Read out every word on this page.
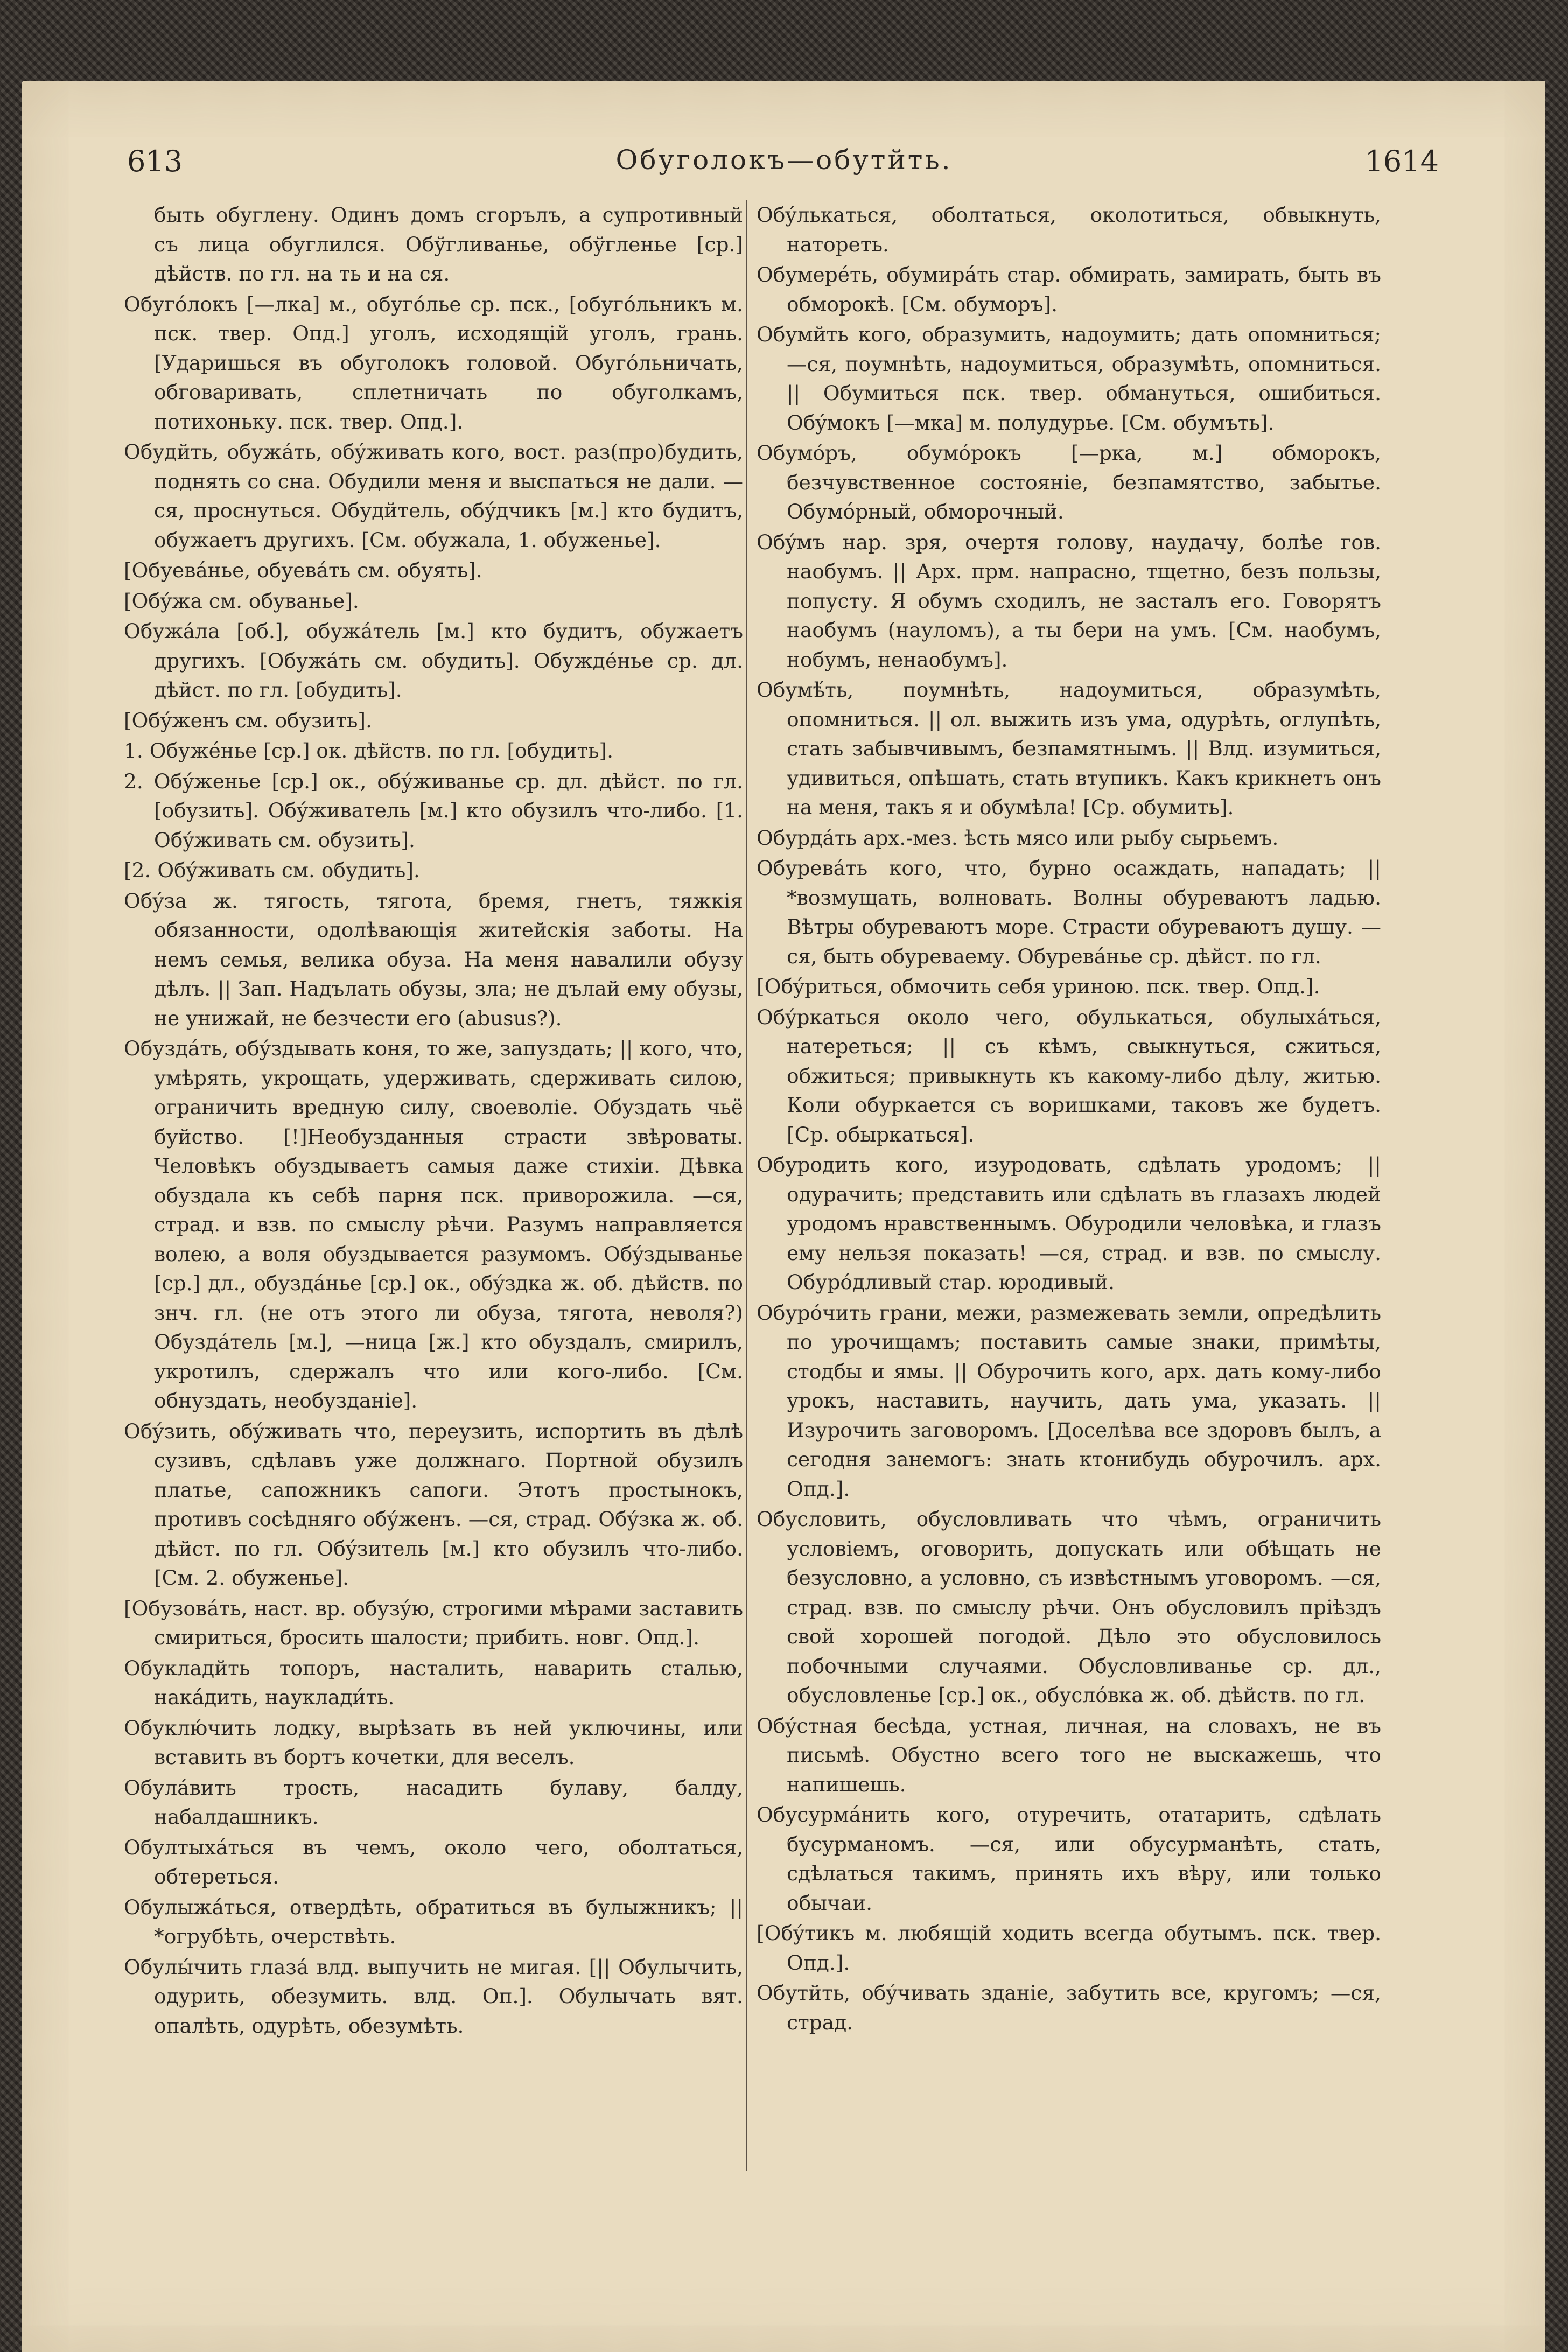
613	Обугoлокъ—обутйть.	1614

быть обуглену. Одинъ домъ сгорълъ, а супротивный съ лица обуглился. Обўгливанье, обўгленье [ср.] дѣйств. по гл. на ть и на ся.

Обугóлокъ [—лка] м., обугóлье ср. пск., [обугóльникъ м. пск. твер. Опд.] уголъ, исходящій уголъ, грань. [Ударишься въ обуголокъ головой. Обугóльничать, обговаривать, сплетничать по обуголкамъ, потихоньку. пск. твер. Опд.].

Обудйть, обужáть, обýживать кого, вост. раз(про)будить, поднять со сна. Обудили меня и выспаться не дали. —ся, проснуться. Обудйтель, обýдчикъ [м.] кто будитъ, обужаетъ другихъ. [См. обужала, 1. обуженье].

[Обуевáнье, обуевáть см. обуять].

[Обýжа см. обуванье].

Обужáла [об.], обужáтель [м.] кто будитъ, обужаетъ другихъ. [Обужáть см. обудить]. Обуждéнье ср. дл. дѣйст. по гл. [обудить].

[Обýженъ см. обузить].

1. Обужéнье [ср.] ок. дѣйств. по гл. [обудить].

2. Обýженье [ср.] ок., обýживанье ср. дл. дѣйст. по гл. [обузить]. Обýживатель [м.] кто обузилъ что-либо. [1. Обýживать см. обузить].

[2. Обýживать см. обудить].

Обýза ж. тягость, тягота, бремя, гнетъ, тяжкія обязанности, одолѣвающія житейскія заботы. На немъ семья, велика обуза. На меня навалили обузу дѣлъ. || Зап. Надълать обузы, зла; не дълай ему обузы, не унижай, не безчести его (abusus?).

Обуздáть, обýздывать коня, то же, запуздать; || кого, что, умѣрять, укрощать, удерживать, сдерживать силою, ограничить вредную силу, своеволіе. Обуздать чьё буйство. [!]Необузданныя страсти звѣроваты. Человѣкъ обуздываетъ самыя даже стихіи. Дѣвка обуздала къ себѣ парня пск. приворожила. —ся, страд. и взв. по смыслу рѣчи. Разумъ направляется волею, а воля обуздывается разумомъ. Обýздыванье [ср.] дл., обуздáнье [ср.] ок., обýздка ж. об. дѣйств. по знч. гл. (не отъ этого ли обуза, тягота, неволя?) Обуздáтель [м.], —ница [ж.] кто обуздалъ, смирилъ, укротилъ, сдержалъ что или кого-либо. [См. обнуздать, необузданіе].

Обýзить, обýживать что, переузить, испортить въ дѣлѣ сузивъ, сдѣлавъ уже должнаго. Портной обузилъ платье, сапожникъ сапоги. Этотъ простынокъ, противъ сосѣдняго обýженъ. —ся, страд. Обýзка ж. об. дѣйст. по гл. Обýзитель [м.] кто обузилъ что-либо. [См. 2. обуженье].

[Обузовáть, наст. вр. обузýю, строгими мѣрами заставить смириться, бросить шалости; прибить. новг. Опд.].

Обукладйть топоръ, насталить, наварить сталью, нака́дить, науклади́ть.

Обуклю́чить лодку, вырѣзать въ ней уключины, или вставить въ бортъ кочетки, для веселъ.

Обулáвить трость, насадить булаву, балду, набалдашникъ.

Обултыхáться въ чемъ, около чего, оболтаться, обтереться.

Обулыжáться, отвердѣть, обратиться въ булыжникъ; || *огрубѣть, очерствѣть.

Обулы́чить глазá влд. выпучить не мигая. [|| Обулычить, одурить, обезумить. влд. Оп.]. Обулычать вят. опалѣть, одурѣть, обезумѣть.

Обýлькаться, оболтаться, околотиться, обвыкнуть, натореть.

Обумерéть, обумирáть стар. обмирать, замирать, быть въ обморокѣ. [См. обуморъ].

Обумйть кого, образумить, надоумить; дать опомниться; —ся, поумнѣть, надоумиться, образумѣть, опомниться. || Обумиться пск. твер. обмануться, ошибиться. Обýмокъ [—мка] м. полудурье. [См. обумъть].

Обумóръ, обумóрокъ [—рка, м.] обморокъ, безчувственное состояніе, безпамятство, забытье. Обумóрный, обморочный.

Обýмъ нар. зря, очертя голову, наудачу, болѣе гов. наобумъ. || Арх. прм. напрасно, тщетно, безъ пользы, попусту. Я обумъ сходилъ, не засталъ его. Говорятъ наобумъ (науломъ), а ты бери на умъ. [См. наобумъ, нобумъ, ненаобумъ].

Обумѣ́ть, поумнѣть, надоумиться, образумѣть, опомниться. || ол. выжить изъ ума, одурѣть, оглупѣть, стать забывчивымъ, безпамятнымъ. || Влд. изумиться, удивиться, опѣшать, стать втупикъ. Какъ крикнетъ онъ на меня, такъ я и обумѣла! [Ср. обумить].

Обурдáть арх.-мез. ѣсть мясо или рыбу сырьемъ.

Обуревáть кого, что, бурно осаждать, нападать; || *возмущать, волновать. Волны обуреваютъ ладью. Вѣтры обуреваютъ море. Страсти обуреваютъ душу. —ся, быть обуреваему. Обуревáнье ср. дѣйст. по гл.

[Обýриться, обмочить себя уриною. пск. твер. Опд.].

Обýркаться около чего, обулькаться, обулыхáться, натереться; || съ кѣмъ, свыкнуться, сжиться, обжиться; привыкнуть къ какому-либо дѣлу, житью. Коли обуркается съ воришками, таковъ же будетъ. [Ср. обыркаться].

Обуродить кого, изуродовать, сдѣлать уродомъ; || одурачить; представить или сдѣлать въ глазахъ людей уродомъ нравственнымъ. Обуродили человѣка, и глазъ ему нельзя показать! —ся, страд. и взв. по смыслу. Обурóдливый стар. юродивый.

Обурóчить грани, межи, размежевать земли, опредѣлить по урочищамъ; поставить самые знаки, примѣты, стодбы и ямы. || Обурочить кого, арх. дать кому-либо урокъ, наставить, научить, дать ума, указать. || Изурочить заговоромъ. [Доселѣва все здоровъ былъ, а сегодня занемогъ: знать ктонибудь обурочилъ. арх. Опд.].

Обусловить, обусловливать что чѣмъ, ограничить условіемъ, оговорить, допускать или обѣщать не безусловно, а условно, съ извѣстнымъ уговоромъ. —ся, страд. взв. по смыслу рѣчи. Онъ обусловилъ пріѣздъ свой хорошей погодой. Дѣло это обусловилось побочными случаями. Обусловливанье ср. дл., обусловленье [ср.] ок., обуслóвка ж. об. дѣйств. по гл.

Обýстная бесѣда, устная, личная, на словахъ, не въ письмѣ. Обустно всего того не выскажешь, что напишешь.

Обусурмáнить кого, отуречить, отатарить, сдѣлать бусурманомъ. —ся, или обусурманѣть, стать, сдѣлаться такимъ, принять ихъ вѣру, или только обычаи.

[Обýтикъ м. любящій ходить всегда обутымъ. пск. твер. Опд.].

Обутйть, обýчивать зданіе, забутить все, кругомъ; —ся, страд.
